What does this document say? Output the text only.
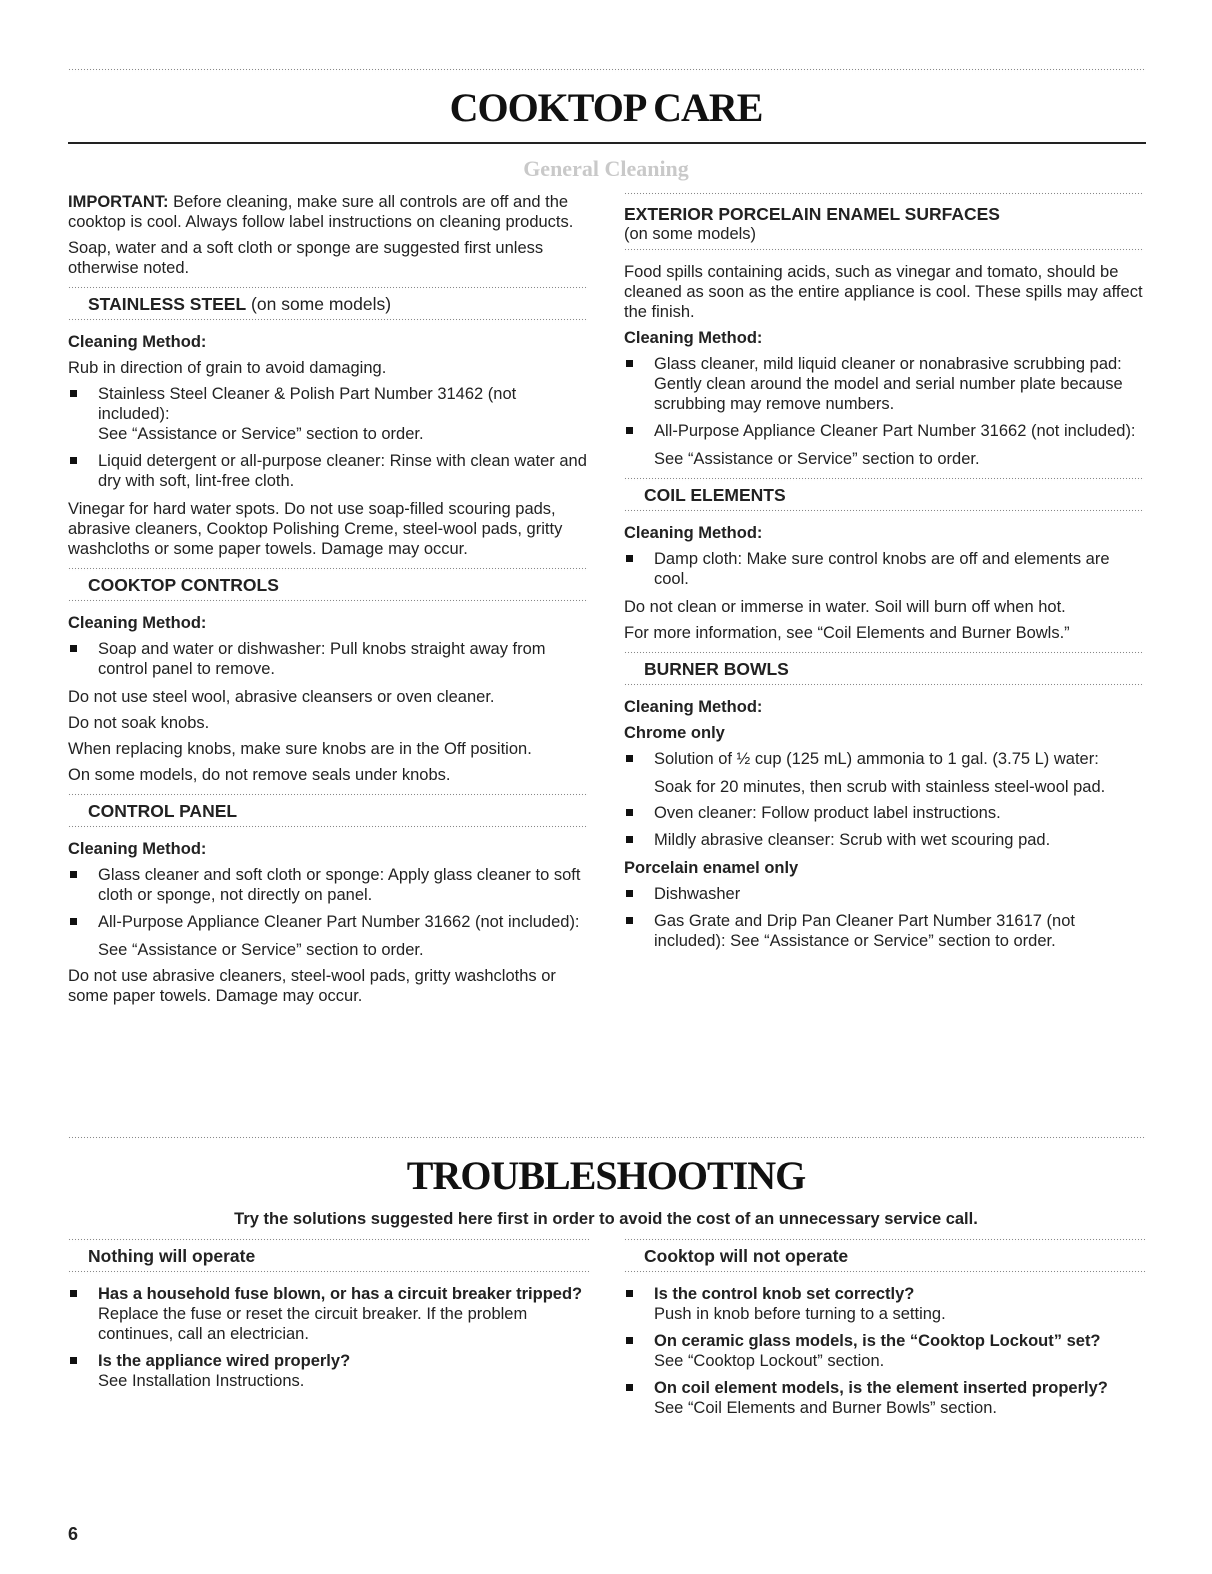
COOKTOP CARE
General Cleaning

IMPORTANT: Before cleaning, make sure all controls are off and the cooktop is cool. Always follow label instructions on cleaning products.

Soap, water and a soft cloth or sponge are suggested first unless otherwise noted.

STAINLESS STEEL (on some models)

Cleaning Method:

Rub in direction of grain to avoid damaging.

Stainless Steel Cleaner & Polish Part Number 31462 (not included):
See “Assistance or Service” section to order.
Liquid detergent or all-purpose cleaner: Rinse with clean water and dry with soft, lint-free cloth.

Vinegar for hard water spots. Do not use soap-filled scouring pads, abrasive cleaners, Cooktop Polishing Creme, steel-wool pads, gritty washcloths or some paper towels. Damage may occur.

COOKTOP CONTROLS

Cleaning Method:

Soap and water or dishwasher: Pull knobs straight away from control panel to remove.

Do not use steel wool, abrasive cleansers or oven cleaner.

Do not soak knobs.

When replacing knobs, make sure knobs are in the Off position.

On some models, do not remove seals under knobs.

CONTROL PANEL

Cleaning Method:

Glass cleaner and soft cloth or sponge: Apply glass cleaner to soft cloth or sponge, not directly on panel.
All-Purpose Appliance Cleaner Part Number 31662 (not included):

See “Assistance or Service” section to order.

Do not use abrasive cleaners, steel-wool pads, gritty washcloths or some paper towels. Damage may occur.

EXTERIOR PORCELAIN ENAMEL SURFACES
(on some models)

Food spills containing acids, such as vinegar and tomato, should be cleaned as soon as the entire appliance is cool. These spills may affect the finish.

Cleaning Method:

Glass cleaner, mild liquid cleaner or nonabrasive scrubbing pad: Gently clean around the model and serial number plate because scrubbing may remove numbers.
All-Purpose Appliance Cleaner Part Number 31662 (not included):

See “Assistance or Service” section to order.

COIL ELEMENTS

Cleaning Method:

Damp cloth: Make sure control knobs are off and elements are cool.

Do not clean or immerse in water. Soil will burn off when hot.

For more information, see “Coil Elements and Burner Bowls.”

BURNER BOWLS

Cleaning Method:

Chrome only

Solution of ½ cup (125 mL) ammonia to 1 gal. (3.75 L) water:

Soak for 20 minutes, then scrub with stainless steel-wool pad.

Oven cleaner: Follow product label instructions.
Mildly abrasive cleanser: Scrub with wet scouring pad.

Porcelain enamel only

Dishwasher
Gas Grate and Drip Pan Cleaner Part Number 31617 (not included): See “Assistance or Service” section to order.
TROUBLESHOOTING

Try the solutions suggested here first in order to avoid the cost of an unnecessary service call.

Nothing will operate
Has a household fuse blown, or has a circuit breaker tripped?
Replace the fuse or reset the circuit breaker. If the problem continues, call an electrician.
Is the appliance wired properly?
See Installation Instructions.
Cooktop will not operate
Is the control knob set correctly?
Push in knob before turning to a setting.
On ceramic glass models, is the “Cooktop Lockout” set?
See “Cooktop Lockout” section.
On coil element models, is the element inserted properly?
See “Coil Elements and Burner Bowls” section.

6
